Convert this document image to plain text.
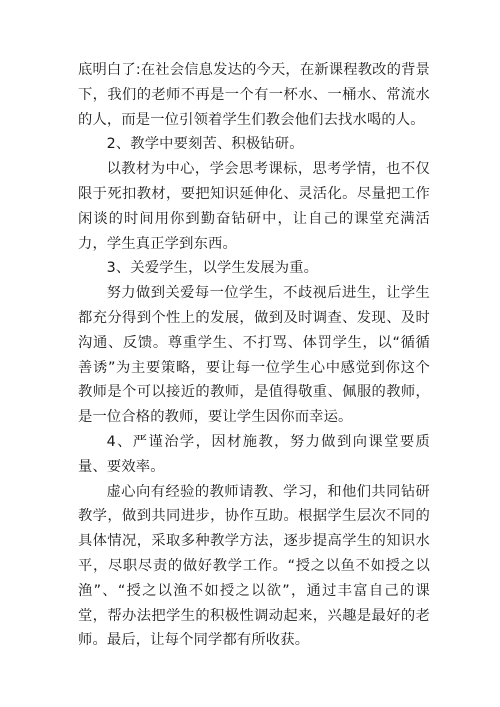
底明白了:在社会信息发达的今天，在新课程教改的背景下，我们的老师不再是一个有一杯水、一桶水、常流水的人，而是一位引领着学生们教会他们去找水喝的人。

2、教学中要刻苦、积极钻研。

以教材为中心，学会思考课标，思考学情，也不仅限于死扣教材，要把知识延伸化、灵活化。尽量把工作闲谈的时间用你到勤奋钻研中，让自己的课堂充满活力，学生真正学到东西。

3、关爱学生，以学生发展为重。

努力做到关爱每一位学生，不歧视后进生，让学生都充分得到个性上的发展，做到及时调查、发现、及时沟通、反馈。尊重学生、不打骂、体罚学生，以“循循善诱”为主要策略，要让每一位学生心中感觉到你这个教师是个可以接近的教师，是值得敬重、佩服的教师，是一位合格的教师，要让学生因你而幸运。

4、严谨治学，因材施教，努力做到向课堂要质量、要效率。

虚心向有经验的教师请教、学习，和他们共同钻研教学，做到共同进步，协作互助。根据学生层次不同的具体情况，采取多种教学方法，逐步提高学生的知识水平，尽职尽责的做好教学工作。“授之以鱼不如授之以渔”、“授之以渔不如授之以欲”，通过丰富自己的课堂，帮办法把学生的积极性调动起来，兴趣是最好的老师。最后，让每个同学都有所收获。
